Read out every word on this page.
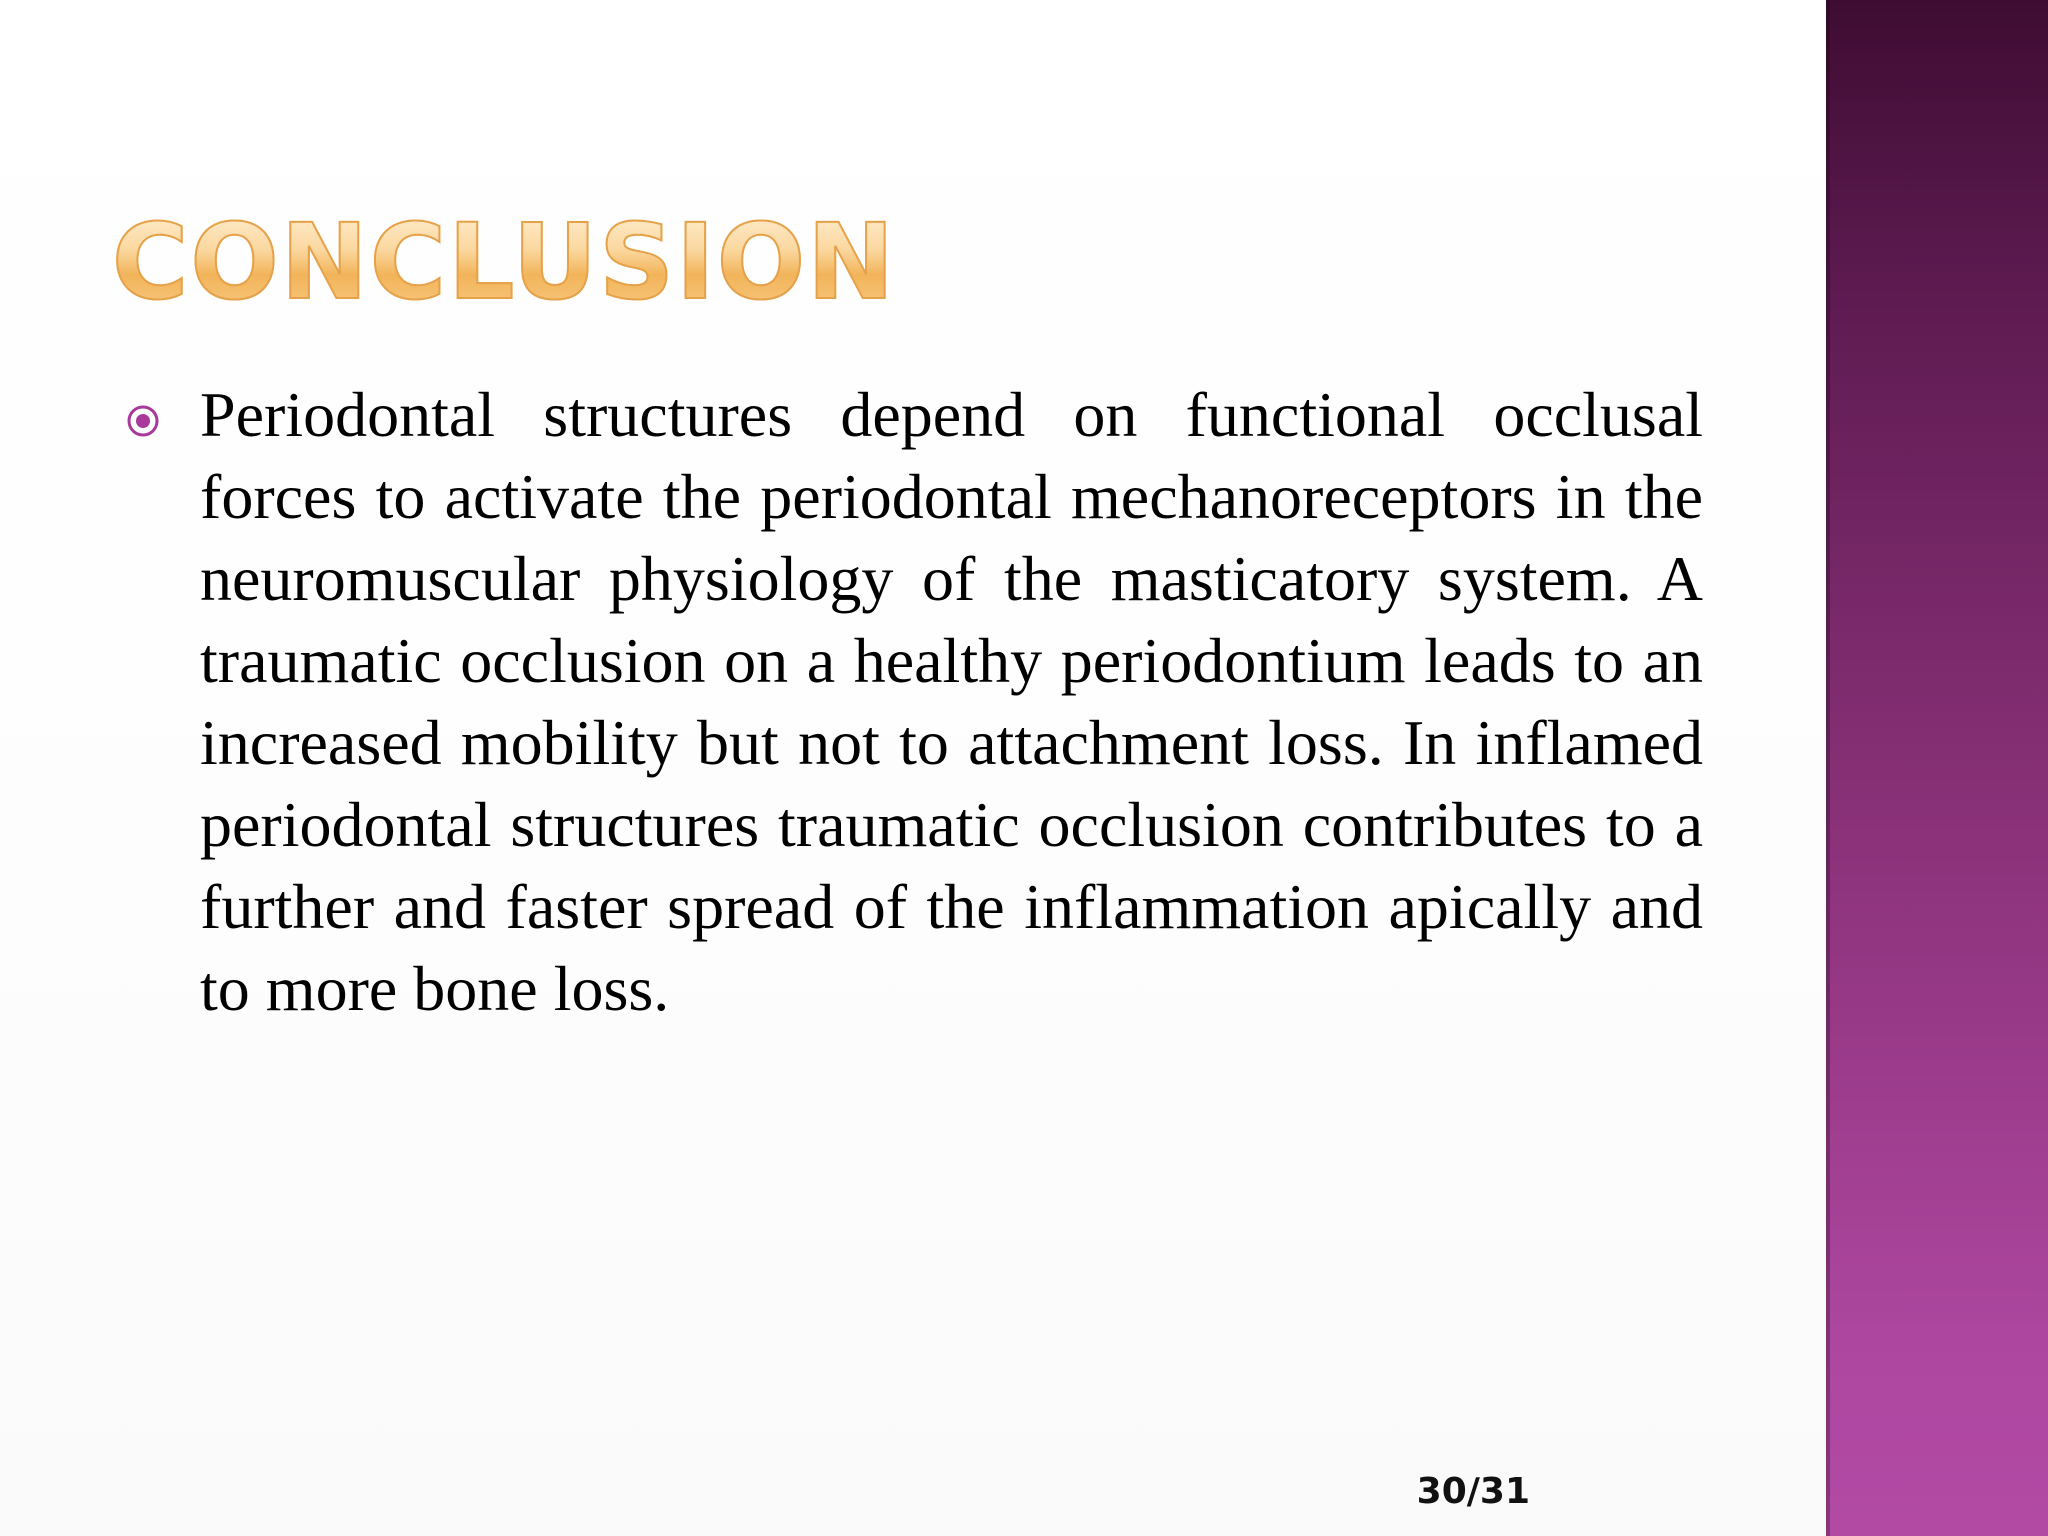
CONCLUSION

Periodontal structures depend on functional occlusal forces to activate the periodontal mechanoreceptors in the neuromuscular physiology of the masticatory system. A traumatic occlusion on a healthy periodontium leads to an increased mobility but not to attachment loss. In inflamed periodontal structures traumatic occlusion contributes to a further and faster spread of the inflammation apically and to more bone loss.

30/31
